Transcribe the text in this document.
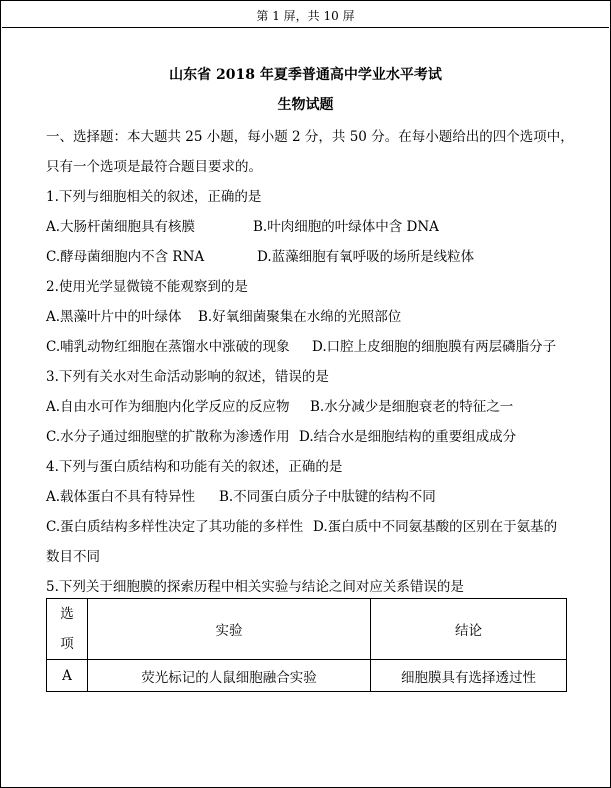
第 1 屏，共 10 屏
山东省 2018 年夏季普通高中学业水平考试
生物试题
一、选择题：本大题共 25 小题，每小题 2 分，共 50 分。在每小题给出的四个选项中，
只有一个选项是最符合题目要求的。
1.下列与细胞相关的叙述，正确的是
A.大肠杆菌细胞具有核膜	B.叶肉细胞的叶绿体中含 DNA
C.酵母菌细胞内不含 RNA	D.蓝藻细胞有氧呼吸的场所是线粒体
2.使用光学显微镜不能观察到的是
A.黑藻叶片中的叶绿体 B.好氧细菌聚集在水绵的光照部位
C.哺乳动物红细胞在蒸馏水中涨破的现象 D.口腔上皮细胞的细胞膜有两层磷脂分子
3.下列有关水对生命活动影响的叙述，错误的是
A.自由水可作为细胞内化学反应的反应物 B.水分减少是细胞衰老的特征之一
C.水分子通过细胞壁的扩散称为渗透作用 D.结合水是细胞结构的重要组成成分
4.下列与蛋白质结构和功能有关的叙述，正确的是
A.载体蛋白不具有特异性 B.不同蛋白质分子中肽键的结构不同
C.蛋白质结构多样性决定了其功能的多样性 D.蛋白质中不同氨基酸的区别在于氨基的
数目不同
5.下列关于细胞膜的探索历程中相关实验与结论之间对应关系错误的是
选
项	实验	结论
A	荧光标记的人鼠细胞融合实验	细胞膜具有选择透过性
